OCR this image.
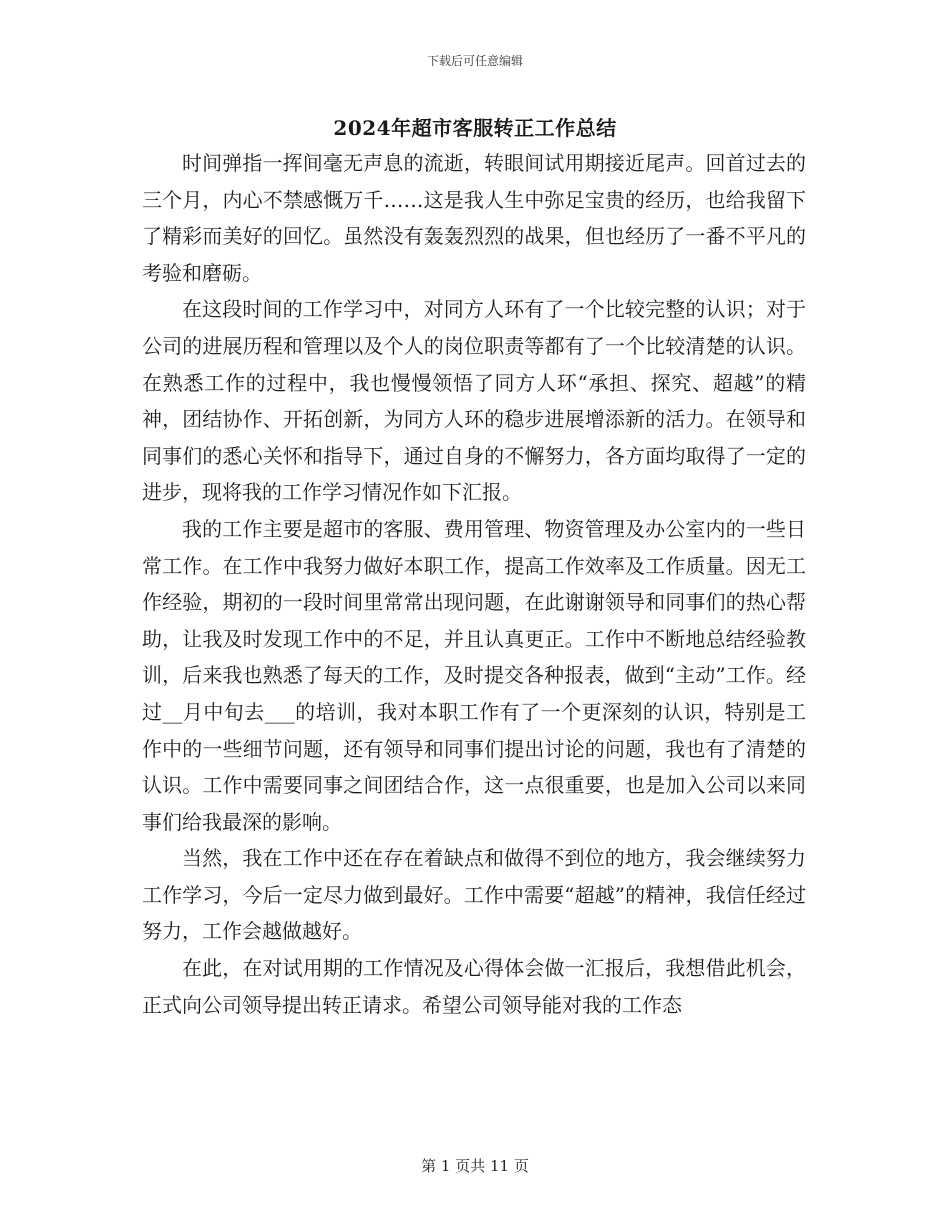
下载后可任意编辑
2024年超市客服转正工作总结

时间弹指一挥间毫无声息的流逝，转眼间试用期接近尾声。回首过去的三个月，内心不禁感慨万千……这是我人生中弥足宝贵的经历，也给我留下了精彩而美好的回忆。虽然没有轰轰烈烈的战果，但也经历了一番不平凡的考验和磨砺。

在这段时间的工作学习中，对同方人环有了一个比较完整的认识；对于公司的进展历程和管理以及个人的岗位职责等都有了一个比较清楚的认识。在熟悉工作的过程中，我也慢慢领悟了同方人环“承担、探究、超越”的精神，团结协作、开拓创新，为同方人环的稳步进展增添新的活力。在领导和同事们的悉心关怀和指导下，通过自身的不懈努力，各方面均取得了一定的进步，现将我的工作学习情况作如下汇报。

我的工作主要是超市的客服、费用管理、物资管理及办公室内的一些日常工作。在工作中我努力做好本职工作，提高工作效率及工作质量。因无工作经验，期初的一段时间里常常出现问题，在此谢谢领导和同事们的热心帮助，让我及时发现工作中的不足，并且认真更正。工作中不断地总结经验教训，后来我也熟悉了每天的工作，及时提交各种报表，做到“主动”工作。经过__月中旬去___的培训，我对本职工作有了一个更深刻的认识，特别是工作中的一些细节问题，还有领导和同事们提出讨论的问题，我也有了清楚的认识。工作中需要同事之间团结合作，这一点很重要，也是加入公司以来同事们给我最深的影响。

当然，我在工作中还在存在着缺点和做得不到位的地方，我会继续努力工作学习，今后一定尽力做到最好。工作中需要“超越”的精神，我信任经过努力，工作会越做越好。

在此，在对试用期的工作情况及心得体会做一汇报后，我想借此机会，正式向公司领导提出转正请求。希望公司领导能对我的工作态

第 1 页共 11 页
